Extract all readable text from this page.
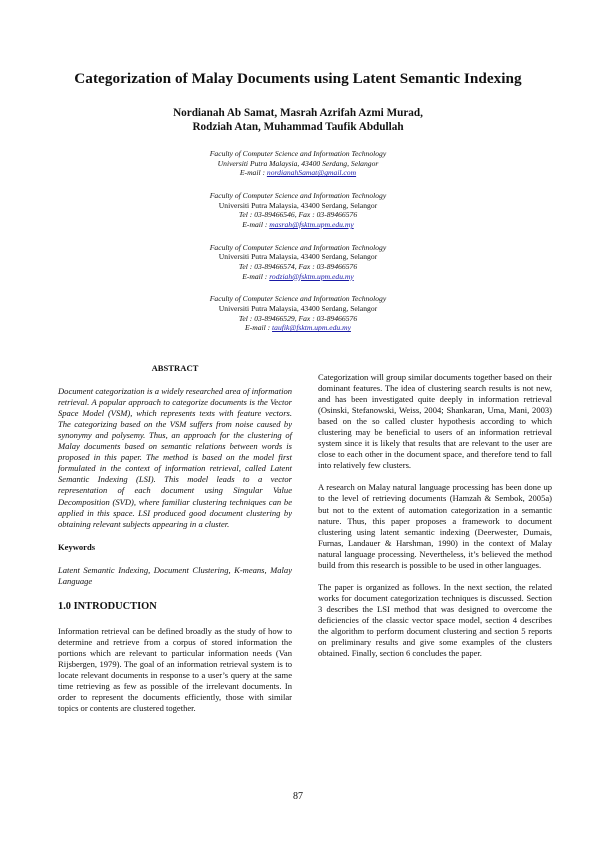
Categorization of Malay Documents using Latent Semantic Indexing
Nordianah Ab Samat, Masrah Azrifah Azmi Murad,
Rodziah Atan, Muhammad Taufik Abdullah
Faculty of Computer Science and Information Technology
Universiti Putra Malaysia, 43400 Serdang, Selangor
E-mail : nordianahSamat@gmail.com
Faculty of Computer Science and Information Technology
Universiti Putra Malaysia, 43400 Serdang, Selangor
Tel : 03-89466546, Fax : 03-89466576
E-mail : masrah@fsktm.upm.edu.my
Faculty of Computer Science and Information Technology
Universiti Putra Malaysia, 43400 Serdang, Selangor
Tel : 03-89466574, Fax : 03-89466576
E-mail : rodziah@fsktm.upm.edu.my
Faculty of Computer Science and Information Technology
Universiti Putra Malaysia, 43400 Serdang, Selangor
Tel : 03-89466529, Fax : 03-89466576
E-mail : taufik@fsktm.upm.edu.my
ABSTRACT

Document categorization is a widely researched area of information retrieval. A popular approach to categorize documents is the Vector Space Model (VSM), which represents texts with feature vectors. The categorizing based on the VSM suffers from noise caused by synonymy and polysemy. Thus, an approach for the clustering of Malay documents based on semantic relations between words is proposed in this paper. The method is based on the model first formulated in the context of information retrieval, called Latent Semantic Indexing (LSI). This model leads to a vector representation of each document using Singular Value Decomposition (SVD), where familiar clustering techniques can be applied in this space. LSI produced good document clustering by obtaining relevant subjects appearing in a cluster.

Keywords

Latent Semantic Indexing, Document Clustering, K-means, Malay Language

1.0 INTRODUCTION

Information retrieval can be defined broadly as the study of how to determine and retrieve from a corpus of stored information the portions which are relevant to particular information needs (Van Rijsbergen, 1979). The goal of an information retrieval system is to locate relevant documents in response to a user’s query at the same time retrieving as few as possible of the irrelevant documents. In order to represent the documents efficiently, those with similar topics or contents are clustered together.

Categorization will group similar documents together based on their dominant features. The idea of clustering search results is not new, and has been investigated quite deeply in information retrieval (Osinski, Stefanowski, Weiss, 2004; Shankaran, Uma, Mani, 2003) based on the so called cluster hypothesis according to which clustering may be beneficial to users of an information retrieval system since it is likely that results that are relevant to the user are close to each other in the document space, and therefore tend to fall into relatively few clusters.

A research on Malay natural language processing has been done up to the level of retrieving documents (Hamzah & Sembok, 2005a) but not to the extent of automation categorization in a semantic nature. Thus, this paper proposes a framework to document clustering using latent semantic indexing (Deerwester, Dumais, Furnas, Landauer & Harshman, 1990) in the context of Malay natural language processing. Nevertheless, it’s believed the method build from this research is possible to be used in other languages.

The paper is organized as follows. In the next section, the related works for document categorization techniques is discussed. Section 3 describes the LSI method that was designed to overcome the deficiencies of the classic vector space model, section 4 describes the algorithm to perform document clustering and section 5 reports on preliminary results and give some examples of the clusters obtained. Finally, section 6 concludes the paper.

87
